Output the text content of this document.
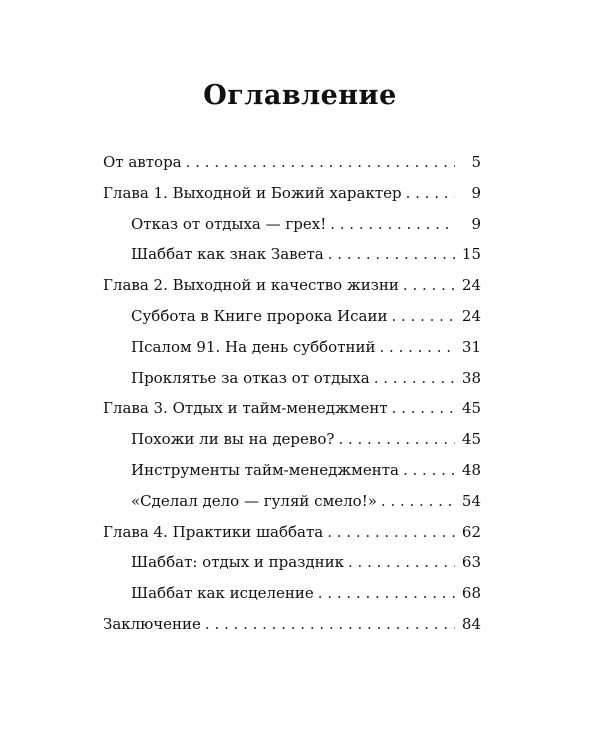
Оглавление
От автора . . .	5
Глава 1. Выходной и Божий характер . . .	9
Отказ от отдыха — грех! . . .	9
Шаббат как знак Завета . . .	15
Глава 2. Выходной и качество жизни . . .	24
Суббота в Книге пророка Исаии . . .	24
Псалом 91. На день субботний . . .	31
Проклятье за отказ от отдыха . . .	38
Глава 3. Отдых и тайм-менеджмент . . .	45
Похожи ли вы на дерево? . . .	45
Инструменты тайм-менеджмента . . .	48
«Сделал дело — гуляй смело!» . . .	54
Глава 4. Практики шаббата . . .	62
Шаббат: отдых и праздник . . .	63
Шаббат как исцеление . . .	68
Заключение . . .	84
